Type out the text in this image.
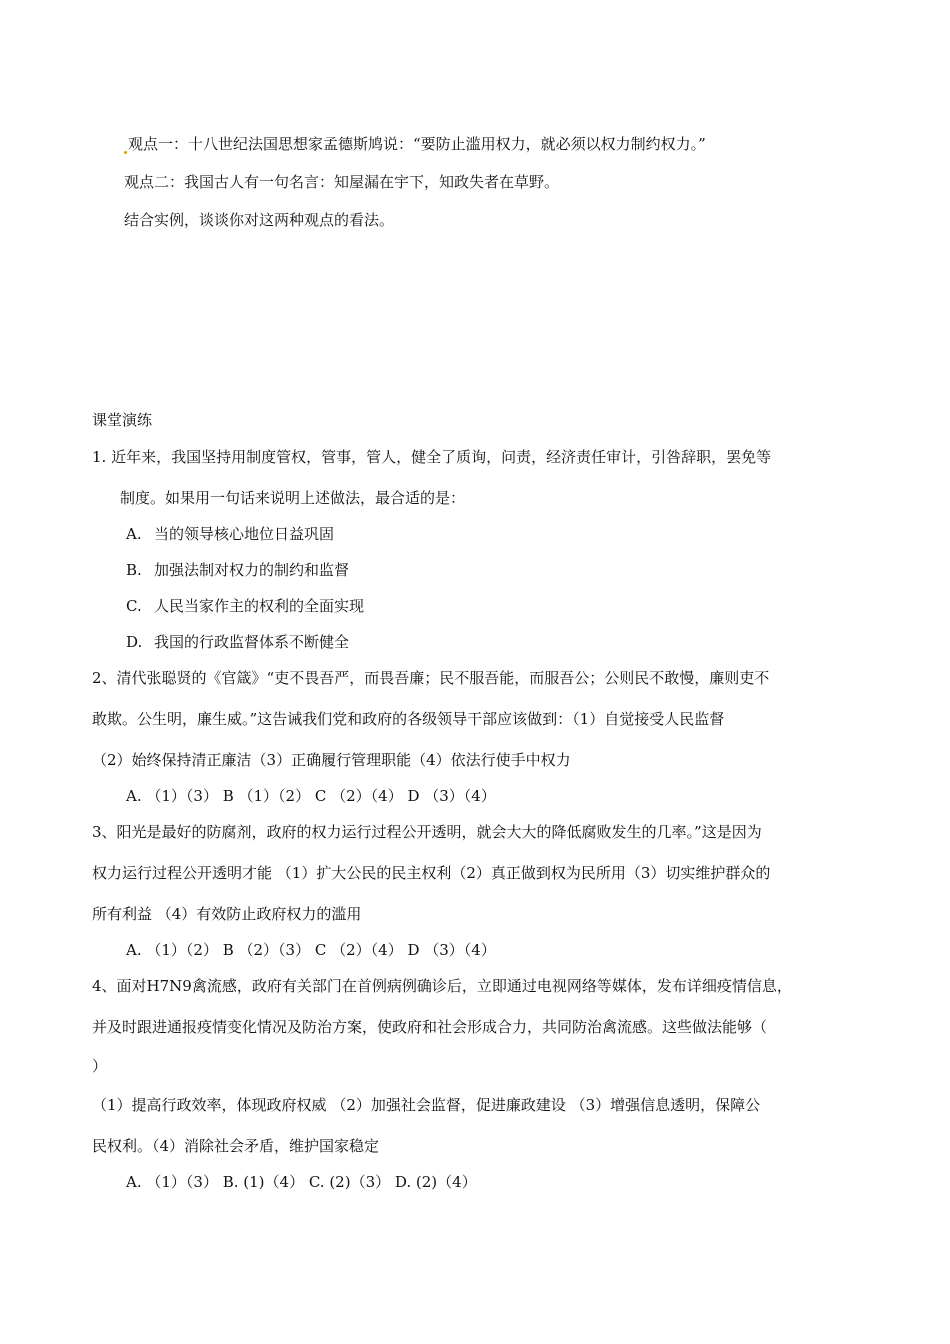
观点一：十八世纪法国思想家孟德斯鸠说：“要防止滥用权力，就必须以权力制约权力。”
观点二：我国古人有一句名言：知屋漏在宇下，知政失者在草野。
结合实例，谈谈你对这两种观点的看法。
课堂演练
1. 近年来，我国坚持用制度管权，管事，管人，健全了质询，问责，经济责任审计，引咎辞职，罢免等
制度。如果用一句话来说明上述做法，最合适的是：
A. 当的领导核心地位日益巩固
B. 加强法制对权力的制约和监督
C. 人民当家作主的权利的全面实现
D. 我国的行政监督体系不断健全
2、清代张聪贤的《官箴》“吏不畏吾严，而畏吾廉；民不服吾能，而服吾公；公则民不敢慢，廉则吏不
敢欺。公生明，廉生威。”这告诫我们党和政府的各级领导干部应该做到：（1）自觉接受人民监督
（2）始终保持清正廉洁（3）正确履行管理职能（4）依法行使手中权力
A. （1）（3） B （1）（2） C （2）（4） D （3）（4）
3、阳光是最好的防腐剂，政府的权力运行过程公开透明，就会大大的降低腐败发生的几率。”这是因为
权力运行过程公开透明才能 （1）扩大公民的民主权利（2）真正做到权为民所用（3）切实维护群众的
所有利益 （4）有效防止政府权力的滥用
A. （1）（2） B （2）（3） C （2）（4） D （3）（4）
4、面对H7N9禽流感，政府有关部门在首例病例确诊后，立即通过电视网络等媒体，发布详细疫情信息，
并及时跟进通报疫情变化情况及防治方案，使政府和社会形成合力，共同防治禽流感。这些做法能够（
）
（1）提高行政效率，体现政府权威 （2）加强社会监督，促进廉政建设 （3）增强信息透明，保障公
民权利。（4）消除社会矛盾，维护国家稳定
A. （1）（3） B. (1)（4） C. (2)（3） D. (2)（4）
